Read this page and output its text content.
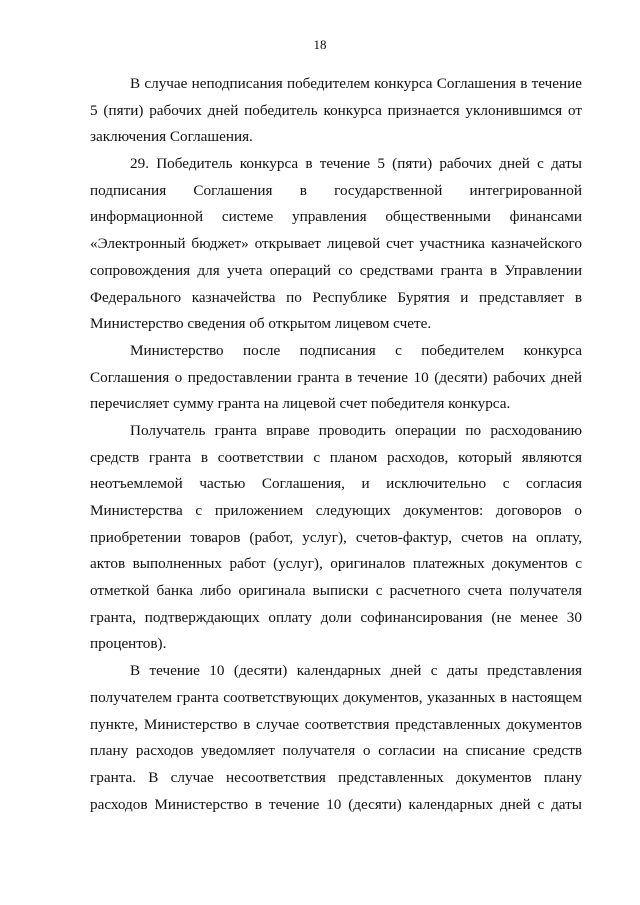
18
В случае неподписания победителем конкурса Соглашения в течение
5 (пяти) рабочих дней победитель конкурса признается уклонившимся от
заключения Соглашения.
29. Победитель конкурса в течение 5 (пяти) рабочих дней с даты
подписания Соглашения в государственной интегрированной
информационной системе управления общественными финансами
«Электронный бюджет» открывает лицевой счет участника казначейского
сопровождения для учета операций со средствами гранта в Управлении
Федерального казначейства по Республике Бурятия и представляет в
Министерство сведения об открытом лицевом счете.
Министерство после подписания с победителем конкурса
Соглашения о предоставлении гранта в течение 10 (десяти) рабочих дней
перечисляет сумму гранта на лицевой счет победителя конкурса.
Получатель гранта вправе проводить операции по расходованию
средств гранта в соответствии с планом расходов, который являются
неотъемлемой частью Соглашения, и исключительно с согласия
Министерства с приложением следующих документов: договоров о
приобретении товаров (работ, услуг), счетов-фактур, счетов на оплату,
актов выполненных работ (услуг), оригиналов платежных документов с
отметкой банка либо оригинала выписки с расчетного счета получателя
гранта, подтверждающих оплату доли софинансирования (не менее 30
процентов).
В течение 10 (десяти) календарных дней с даты представления
получателем гранта соответствующих документов, указанных в настоящем
пункте, Министерство в случае соответствия представленных документов
плану расходов уведомляет получателя о согласии на списание средств
гранта. В случае несоответствия представленных документов плану
расходов Министерство в течение 10 (десяти) календарных дней с даты
